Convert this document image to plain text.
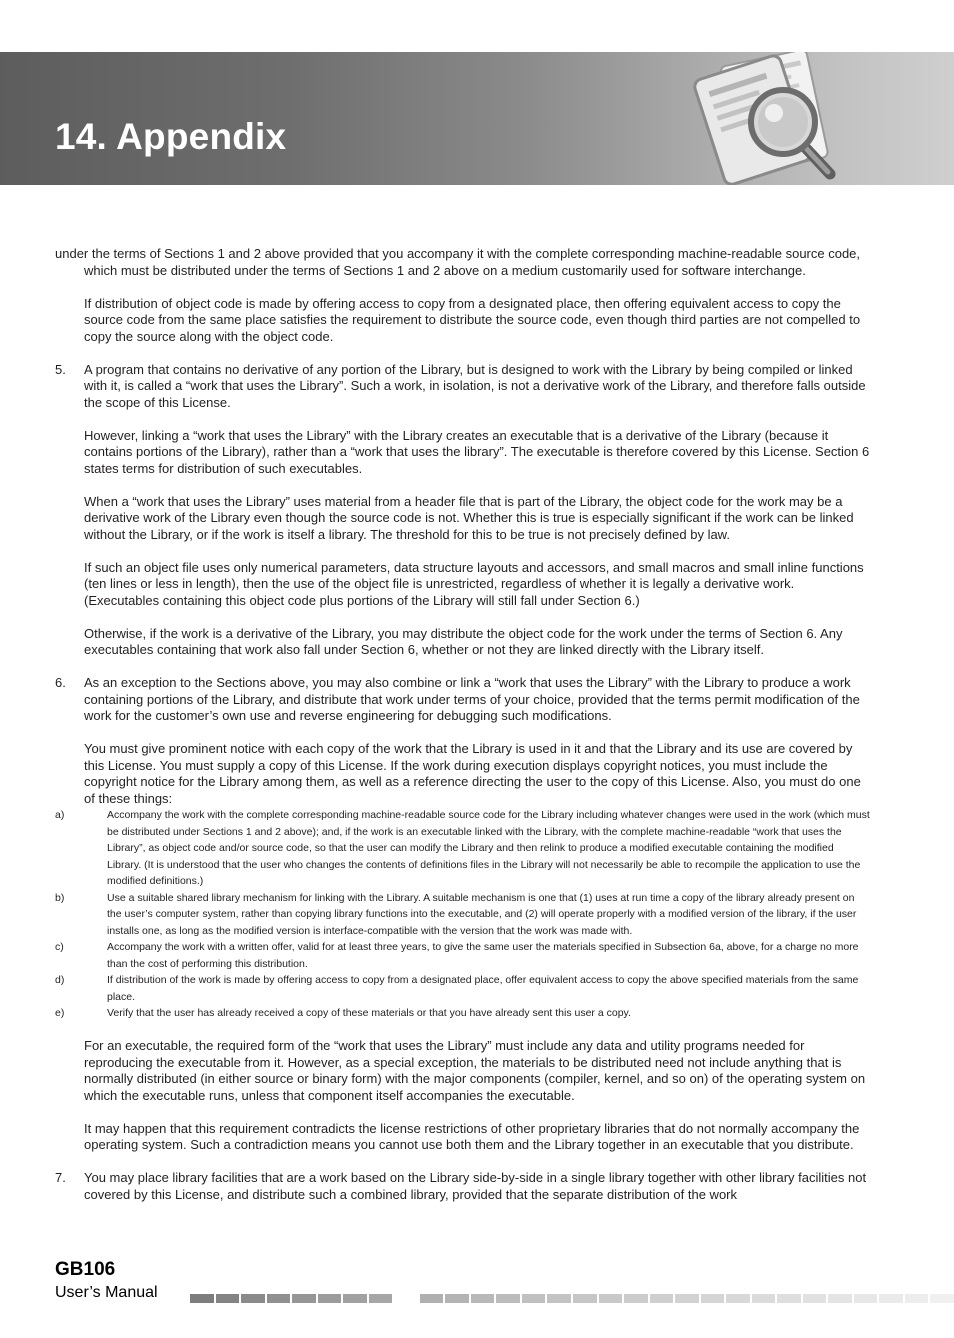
14. Appendix

under the terms of Sections 1 and 2 above provided that you accompany it with the complete corresponding machine-readable source code, which must be distributed under the terms of Sections 1 and 2 above on a medium customarily used for software interchange.

If distribution of object code is made by offering access to copy from a designated place, then offering equivalent access to copy the source code from the same place satisfies the requirement to distribute the source code, even though third parties are not compelled to copy the source along with the object code.

5.	A program that contains no derivative of any portion of the Library, but is designed to work with the Library by being compiled or linked with it, is called a “work that uses the Library”. Such a work, in isolation, is not a derivative work of the Library, and therefore falls outside the scope of this License.

However, linking a “work that uses the Library” with the Library creates an executable that is a derivative of the Library (because it contains portions of the Library), rather than a “work that uses the library”. The executable is therefore covered by this License. Section 6 states terms for distribution of such executables.

When a “work that uses the Library” uses material from a header file that is part of the Library, the object code for the work may be a derivative work of the Library even though the source code is not. Whether this is true is especially significant if the work can be linked without the Library, or if the work is itself a library. The threshold for this to be true is not precisely defined by law.

If such an object file uses only numerical parameters, data structure layouts and accessors, and small macros and small inline functions (ten lines or less in length), then the use of the object file is unrestricted, regardless of whether it is legally a derivative work. (Executables containing this object code plus portions of the Library will still fall under Section 6.)

Otherwise, if the work is a derivative of the Library, you may distribute the object code for the work under the terms of Section 6. Any executables containing that work also fall under Section 6, whether or not they are linked directly with the Library itself.

6.	As an exception to the Sections above, you may also combine or link a “work that uses the Library” with the Library to produce a work containing portions of the Library, and distribute that work under terms of your choice, provided that the terms permit modification of the work for the customer’s own use and reverse engineering for debugging such modifications.

You must give prominent notice with each copy of the work that the Library is used in it and that the Library and its use are covered by this License. You must supply a copy of this License. If the work during execution displays copyright notices, you must include the copyright notice for the Library among them, as well as a reference directing the user to the copy of this License. Also, you must do one of these things:

a)	Accompany the work with the complete corresponding machine-readable source code for the Library including whatever changes were used in the work (which must be distributed under Sections 1 and 2 above); and, if the work is an executable linked with the Library, with the complete machine-readable “work that uses the Library”, as object code and/or source code, so that the user can modify the Library and then relink to produce a modified executable containing the modified Library. (It is understood that the user who changes the contents of definitions files in the Library will not necessarily be able to recompile the application to use the modified definitions.)
b)	Use a suitable shared library mechanism for linking with the Library. A suitable mechanism is one that (1) uses at run time a copy of the library already present on the user’s computer system, rather than copying library functions into the executable, and (2) will operate properly with a modified version of the library, if the user installs one, as long as the modified version is interface-compatible with the version that the work was made with.
c)	Accompany the work with a written offer, valid for at least three years, to give the same user the materials specified in Subsection 6a, above, for a charge no more than the cost of performing this distribution.
d)	If distribution of the work is made by offering access to copy from a designated place, offer equivalent access to copy the above specified materials from the same place.
e)	Verify that the user has already received a copy of these materials or that you have already sent this user a copy.

For an executable, the required form of the “work that uses the Library” must include any data and utility programs needed for reproducing the executable from it. However, as a special exception, the materials to be distributed need not include anything that is normally distributed (in either source or binary form) with the major components (compiler, kernel, and so on) of the operating system on which the executable runs, unless that component itself accompanies the executable.

It may happen that this requirement contradicts the license restrictions of other proprietary libraries that do not normally accompany the operating system. Such a contradiction means you cannot use both them and the Library together in an executable that you distribute.

7.	You may place library facilities that are a work based on the Library side-by-side in a single library together with other library facilities not covered by this License, and distribute such a combined library, provided that the separate distribution of the work

GB106
User’s Manual
